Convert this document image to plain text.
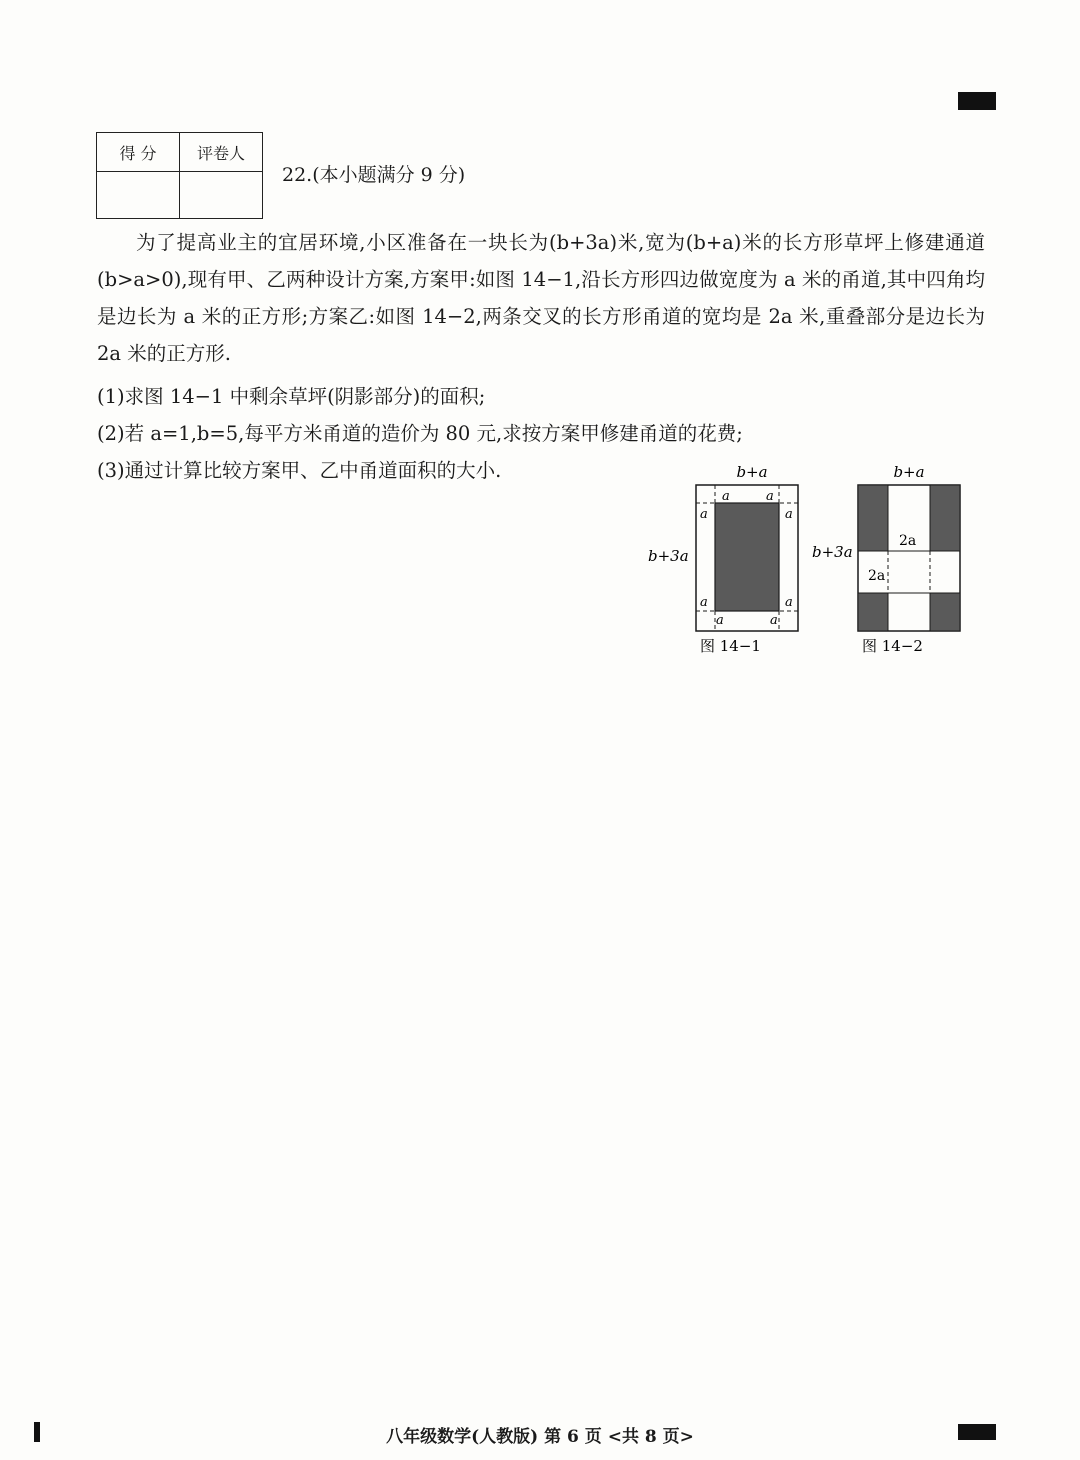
得 分	评卷人

22.(本小题满分 9 分)
为了提高业主的宜居环境,小区准备在一块长为(b+3a)米,宽为(b+a)米的长方形草坪上修建通道(b>a>0),现有甲、乙两种设计方案,方案甲:如图 14−1,沿长方形四边做宽度为 a 米的甬道,其中四角均是边长为 a 米的正方形;方案乙:如图 14−2,两条交叉的长方形甬道的宽均是 2a 米,重叠部分是边长为 2a 米的正方形.
(1)求图 14−1 中剩余草坪(阴影部分)的面积;
(2)若 a=1,b=5,每平方米甬道的造价为 80 元,求按方案甲修建甬道的花费;
(3)通过计算比较方案甲、乙中甬道面积的大小.	b+a
a	a
a	a
a	a
a	a
b+3a
图 14−1
b+a
2a
2a
b+3a
图 14−2
八年级数学(人教版) 第 6 页 <共 8 页>
